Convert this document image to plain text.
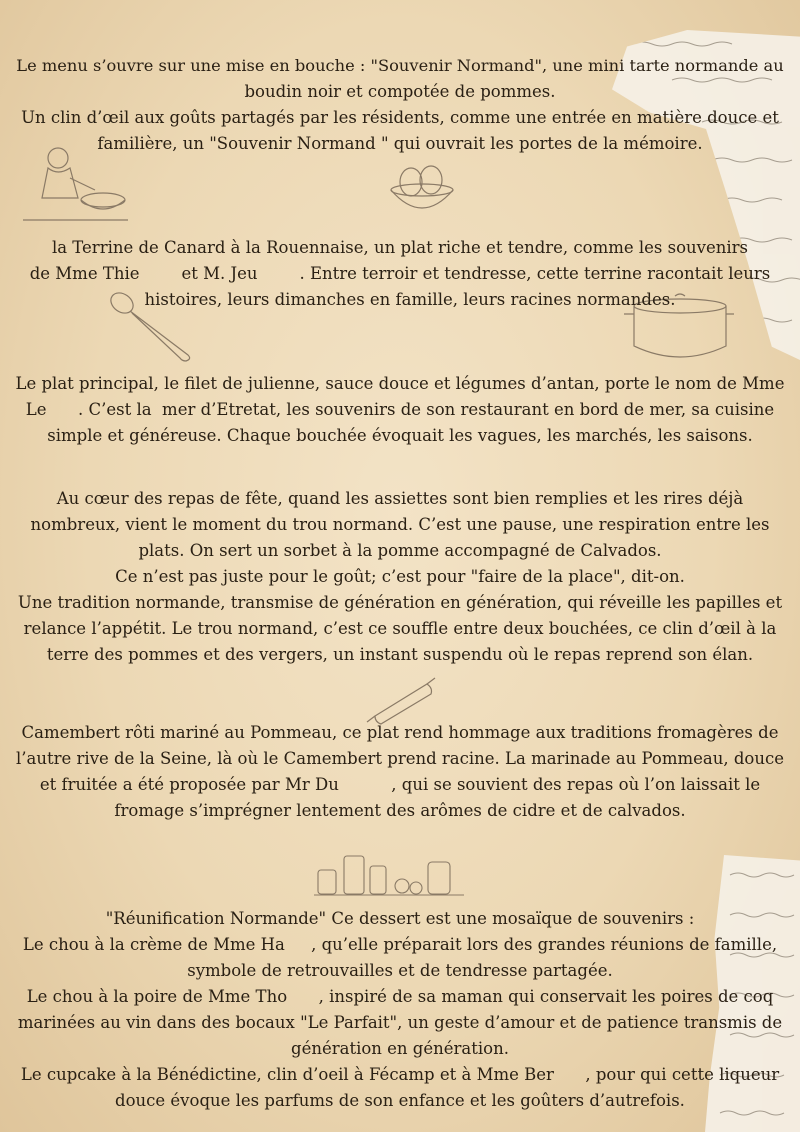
Le menu s’ouvre sur une mise en bouche : "Souvenir Normand", une mini tarte normande au
boudin noir et compotée de pommes.
Un clin d’œil aux goûts partagés par les résidents, comme une entrée en matière douce et
familière, un "Souvenir Normand " qui ouvrait les portes de la mémoire.
la Terrine de Canard à la Rouennaise, un plat riche et tendre, comme les souvenirs
de Mme Thie        et M. Jeu        . Entre terroir et tendresse, cette terrine racontait leurs
histoires, leurs dimanches en famille, leurs racines normandes.
Le plat principal, le filet de julienne, sauce douce et légumes d’antan, porte le nom de Mme
Le      . C’est la  mer d’Etretat, les souvenirs de son restaurant en bord de mer, sa cuisine
simple et généreuse. Chaque bouchée évoquait les vagues, les marchés, les saisons.
Au cœur des repas de fête, quand les assiettes sont bien remplies et les rires déjà
nombreux, vient le moment du trou normand. C’est une pause, une respiration entre les
plats. On sert un sorbet à la pomme accompagné de Calvados.
Ce n’est pas juste pour le goût; c’est pour "faire de la place", dit-on.
Une tradition normande, transmise de génération en génération, qui réveille les papilles et
relance l’appétit. Le trou normand, c’est ce souffle entre deux bouchées, ce clin d’œil à la
terre des pommes et des vergers, un instant suspendu où le repas reprend son élan.
Camembert rôti mariné au Pommeau, ce plat rend hommage aux traditions fromagères de
l’autre rive de la Seine, là où le Camembert prend racine. La marinade au Pommeau, douce
et fruitée a été proposée par Mr Du          , qui se souvient des repas où l’on laissait le
fromage s’imprégner lentement des arômes de cidre et de calvados.
"Réunification Normande" Ce dessert est une mosaïque de souvenirs :
Le chou à la crème de Mme Ha     , qu’elle préparait lors des grandes réunions de famille,
symbole de retrouvailles et de tendresse partagée.
Le chou à la poire de Mme Tho      , inspiré de sa maman qui conservait les poires de coq
marinées au vin dans des bocaux "Le Parfait", un geste d’amour et de patience transmis de
génération en génération.
Le cupcake à la Bénédictine, clin d’oeil à Fécamp et à Mme Ber      , pour qui cette liqueur
douce évoque les parfums de son enfance et les goûters d’autrefois.
